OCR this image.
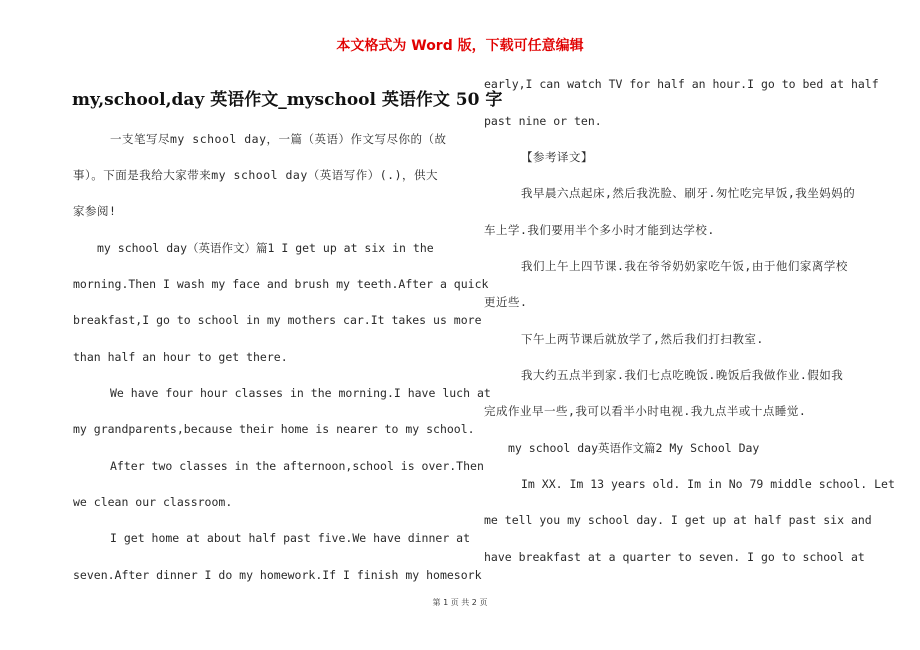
本文格式为 Word 版，下载可任意编辑
my,school,day 英语作文_myschool 英语作文 50 字
一支笔写尽my school day，一篇（英语）作文写尽你的（故
事）。下面是我给大家带来my school day（英语写作）(.)，供大
家参阅!
my school day（英语作文）篇1 I get up at six in the
morning.Then I wash my face and brush my teeth.After a quick
breakfast,I go to school in my mothers car.It takes us more
than half an hour to get there.
We have four hour classes in the morning.I have luch at
my grandparents,because their home is nearer to my school.
After two classes in the afternoon,school is over.Then
we clean our classroom.
I get home at about half past five.We have dinner at
seven.After dinner I do my homework.If I finish my homesork
early,I can watch TV for half an hour.I go to bed at half
past nine or ten.
【参考译文】
我早晨六点起床,然后我洗脸、刷牙.匆忙吃完早饭,我坐妈妈的
车上学.我们要用半个多小时才能到达学校.
我们上午上四节课.我在爷爷奶奶家吃午饭,由于他们家离学校
更近些.
下午上两节课后就放学了,然后我们打扫教室.
我大约五点半到家.我们七点吃晚饭.晚饭后我做作业.假如我
完成作业早一些,我可以看半小时电视.我九点半或十点睡觉.
my school day英语作文篇2 My School Day
Im XX. Im 13 years old. Im in No 79 middle school. Let
me tell you my school day. I get up at half past six and
have breakfast at a quarter to seven. I go to school at
第 1 页 共 2 页
